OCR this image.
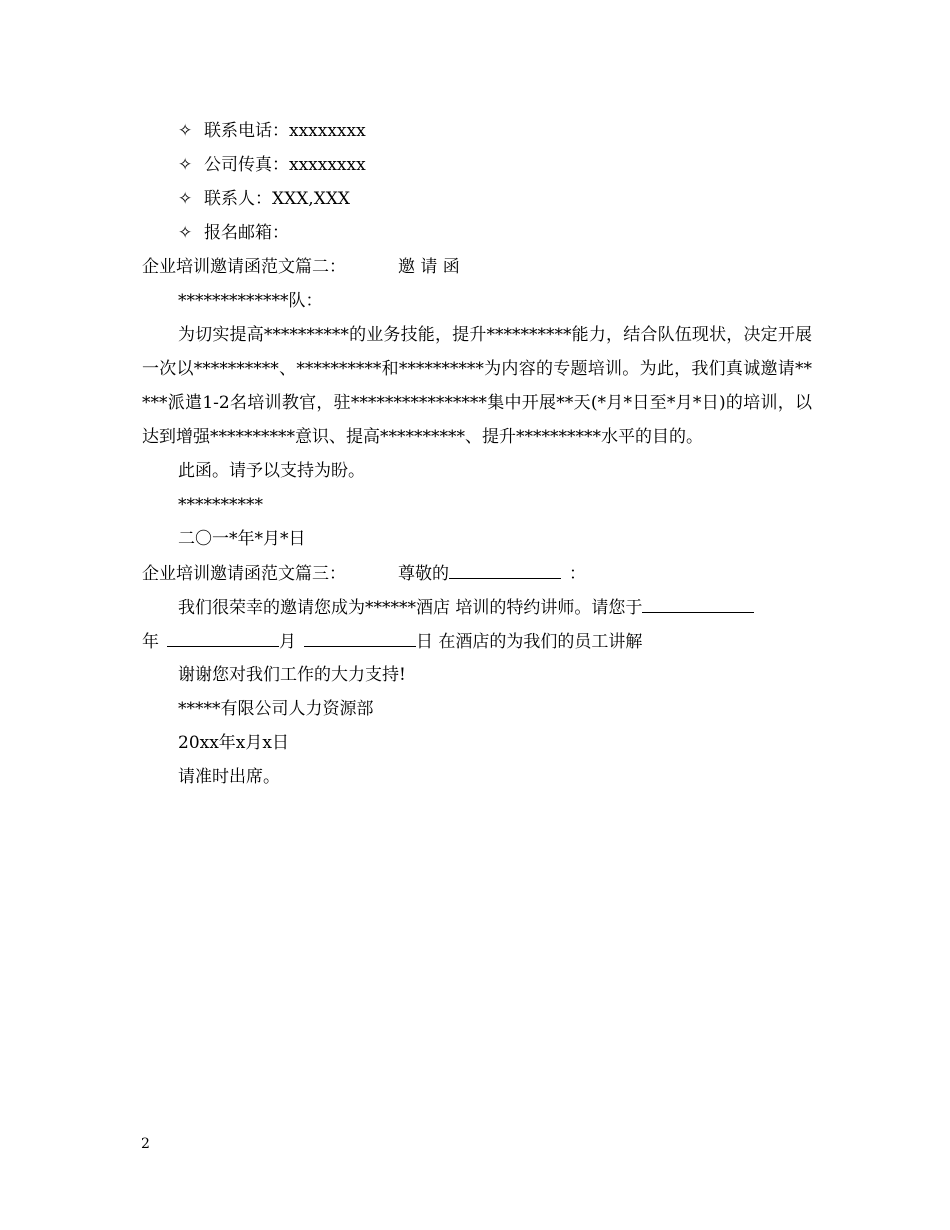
✧ 联系电话：xxxxxxxx
✧ 公司传真：xxxxxxxx
✧ 联系人：XXX,XXX
✧ 报名邮箱：
企业培训邀请函范文篇二：	邀 请 函
*************队：
为切实提高**********的业务技能，提升**********能力，结合队伍现状，决定开展一次以**********、**********和**********为内容的专题培训。为此，我们真诚邀请*****派遣1-2名培训教官，驻****************集中开展**天(*月*日至*月*日)的培训，以达到增强**********意识、提高**********、提升**********水平的目的。
此函。请予以支持为盼。
**********
二〇一*年*月*日
企业培训邀请函范文篇三：	尊敬的	：
我们很荣幸的邀请您成为******酒店 培训的特约讲师。请您于
年	月	日 在酒店的为我们的员工讲解
谢谢您对我们工作的大力支持!
*****有限公司人力资源部
20xx年x月x日
请准时出席。
2
